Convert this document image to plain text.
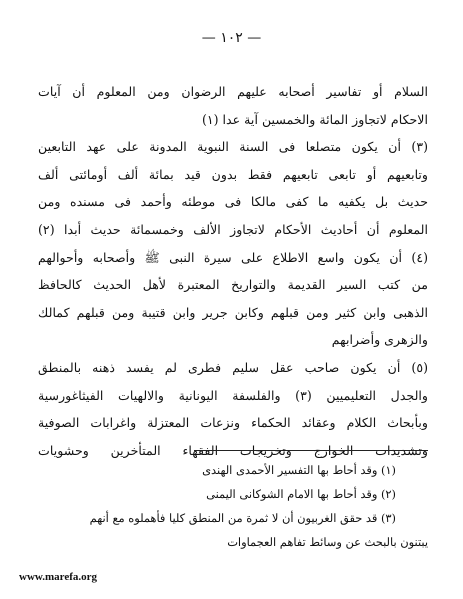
— ١٠٢ —
السلام أو تفاسير أصحابه عليهم الرضوان ومن المعلوم أن آيات
الاحكام لاتجاوز المائة والخمسين آية عدا (١)
(٣) أن يكون متصلعا فى السنة النبوية المدونة على عهد التابعين
وتابعيهم أو تابعى تابعيهم فقط بدون قيد بمائة ألف أومائتى ألف
حديث بل يكفيه ما كفى مالكا فى موطئه وأحمد فى مسنده ومن
المعلوم أن أحاديث الأحكام لاتجاوز الألف وخمسمائة حديث أبدا (٢)
(٤) أن يكون واسع الاطلاع على سيرة النبى ﷺ وأصحابه وأحوالهم
من كتب السير القديمة والتواريخ المعتبرة لأهل الحديث كالحافظ
الذهبى وابن كثير ومن قبلهم وكابن جرير وابن قتيبة ومن قبلهم كمالك
والزهرى وأضرابهم
(٥) أن يكون صاحب عقل سليم فطرى لم يفسد ذهنه بالمنطق
والجدل التعليميين (٣) والفلسفة اليونانية والالهيات الفيثاغورسية
وبأبحاث الكلام وعقائد الحكماء ونزعات المعتزلة واغرابات الصوفية
وتشديدات الخوارج وتخريجات الفقهاء المتأخرين وحشويات
(١) وقد أحاط بها التفسير الأحمدى الهندى
(٢) وقد أحاط بها الامام الشوكانى اليمنى
(٣) قد حقق الغربيون أن لا ثمرة من المنطق كليا فأهملوه مع أنهم
يبتنون بالبحث عن وسائط تفاهم العجماوات
www.marefa.org
